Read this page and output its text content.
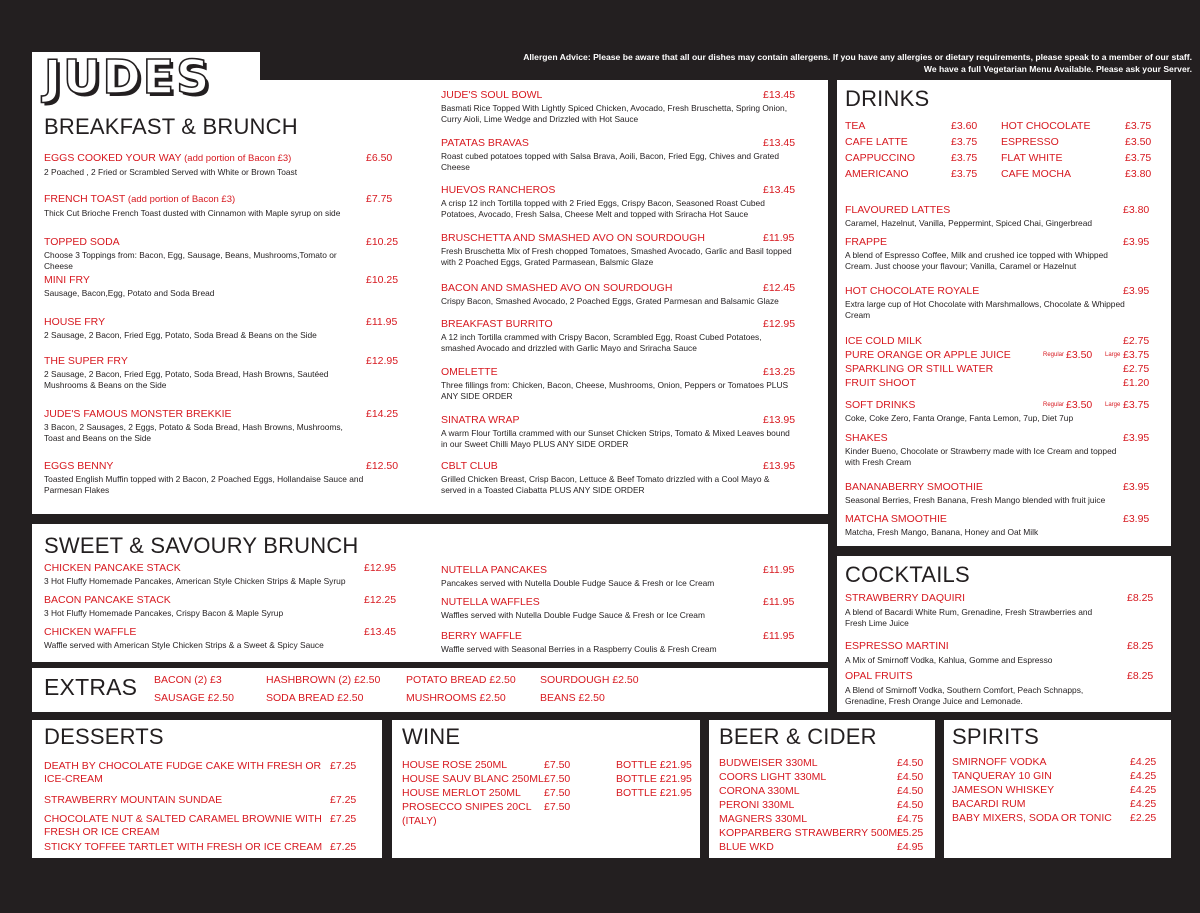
Allergen Advice: Please be aware that all our dishes may contain allergens. If you have any allergies or dietary requirements, please speak to a member of our staff.
We have a full Vegetarian Menu Available. Please ask your Server.
JUDES
BREAKFAST & BRUNCH
EGGS COOKED YOUR WAY (add portion of Bacon £3)	£6.50
2 Poached , 2 Fried or Scrambled Served with White or Brown Toast
FRENCH TOAST (add portion of Bacon £3)	£7.75
Thick Cut Brioche French Toast dusted with Cinnamon with Maple syrup on side
TOPPED SODA	£10.25
Choose 3 Toppings from: Bacon, Egg, Sausage, Beans, Mushrooms,Tomato or Cheese
MINI FRY	£10.25
Sausage, Bacon,Egg, Potato and Soda Bread
HOUSE FRY	£11.95
2 Sausage, 2 Bacon, Fried Egg, Potato, Soda Bread & Beans on the Side
THE SUPER FRY	£12.95
2 Sausage, 2 Bacon, Fried Egg, Potato, Soda Bread, Hash Browns, Sautéed Mushrooms & Beans on the Side
JUDE'S FAMOUS MONSTER BREKKIE	£14.25
3 Bacon, 2 Sausages, 2 Eggs, Potato & Soda Bread, Hash Browns, Mushrooms, Toast and Beans on the Side
EGGS BENNY	£12.50
Toasted English Muffin topped with 2 Bacon, 2 Poached Eggs, Hollandaise Sauce and Parmesan Flakes
JUDE'S SOUL BOWL	£13.45
Basmati Rice Topped With Lightly Spiced Chicken, Avocado, Fresh Bruschetta, Spring Onion, Curry Aioli, Lime Wedge and Drizzled with Hot Sauce
PATATAS BRAVAS	£13.45
Roast cubed potatoes topped with Salsa Brava, Aoili, Bacon, Fried Egg, Chives and Grated Cheese
HUEVOS RANCHEROS	£13.45
A crisp 12 inch Tortilla topped with 2 Fried Eggs, Crispy Bacon, Seasoned Roast Cubed Potatoes, Avocado, Fresh Salsa, Cheese Melt and topped with Sriracha Hot Sauce
BRUSCHETTA AND SMASHED AVO ON SOURDOUGH	£11.95
Fresh Bruschetta Mix of Fresh chopped Tomatoes, Smashed Avocado, Garlic and Basil topped with 2 Poached Eggs, Grated Parmasean, Balsmic Glaze
BACON AND SMASHED AVO ON SOURDOUGH	£12.45
Crispy Bacon, Smashed Avocado, 2 Poached Eggs, Grated Parmesan and Balsamic Glaze
BREAKFAST BURRITO	£12.95
A 12 inch Tortilla crammed with Crispy Bacon, Scrambled Egg, Roast Cubed Potatoes, smashed Avocado and drizzled with Garlic Mayo and Sriracha Sauce
OMELETTE	£13.25
Three fillings from: Chicken, Bacon, Cheese, Mushrooms, Onion, Peppers or Tomatoes PLUS ANY SIDE ORDER
SINATRA WRAP	£13.95
A warm Flour Tortilla crammed with our Sunset Chicken Strips, Tomato & Mixed Leaves bound in our Sweet Chilli Mayo PLUS ANY SIDE ORDER
CBLT CLUB	£13.95
Grilled Chicken Breast, Crisp Bacon, Lettuce & Beef Tomato drizzled with a Cool Mayo & served in a Toasted Ciabatta PLUS ANY SIDE ORDER
SWEET & SAVOURY BRUNCH
CHICKEN PANCAKE STACK	£12.95
3 Hot Fluffy Homemade Pancakes, American Style Chicken Strips & Maple Syrup
BACON PANCAKE STACK	£12.25
3 Hot Fluffy Homemade Pancakes, Crispy Bacon & Maple Syrup
CHICKEN WAFFLE	£13.45
Waffle served with American Style Chicken Strips & a Sweet & Spicy Sauce
NUTELLA PANCAKES	£11.95
Pancakes served with Nutella Double Fudge Sauce & Fresh or Ice Cream
NUTELLA WAFFLES	£11.95
Waffles served with Nutella Double Fudge Sauce & Fresh or Ice Cream
BERRY WAFFLE	£11.95
Waffle served with Seasonal Berries in a Raspberry Coulis & Fresh Cream
EXTRAS BACON (2) £3	HASHBROWN (2) £2.50 POTATO BREAD £2.50 SOURDOUGH £2.50
SAUSAGE £2.50	SODA BREAD £2.50	MUSHROOMS £2.50	BEANS £2.50
DRINKS
TEA	£3.60 HOT CHOCOLATE	£3.75
CAFE LATTE	£3.75 ESPRESSO	£3.50
CAPPUCCINO	£3.75 FLAT WHITE	£3.75
AMERICANO	£3.75 CAFE MOCHA	£3.80
FLAVOURED LATTES	£3.80
Caramel, Hazelnut, Vanilla, Peppermint, Spiced Chai, Gingerbread
FRAPPE	£3.95
A blend of Espresso Coffee, Milk and crushed ice topped with Whipped Cream. Just choose your flavour; Vanilla, Caramel or Hazelnut
HOT CHOCOLATE ROYALE	£3.95
Extra large cup of Hot Chocolate with Marshmallows, Chocolate & Whipped Cream
ICE COLD MILK	£2.75
PURE ORANGE OR APPLE JUICE	Regular £3.50 Large £3.75
SPARKLING OR STILL WATER	£2.75
FRUIT SHOOT	£1.20
SOFT DRINKS	Regular £3.50 Large £3.75
Coke, Coke Zero, Fanta Orange, Fanta Lemon, 7up, Diet 7up
SHAKES	£3.95
Kinder Bueno, Chocolate or Strawberry made with Ice Cream and topped with Fresh Cream
BANANABERRY SMOOTHIE	£3.95
Seasonal Berries, Fresh Banana, Fresh Mango blended with fruit juice
MATCHA SMOOTHIE	£3.95
Matcha, Fresh Mango, Banana, Honey and Oat Milk
COCKTAILS
STRAWBERRY DAQUIRI	£8.25
A blend of Bacardi White Rum, Grenadine, Fresh Strawberries and Fresh Lime Juice
ESPRESSO MARTINI	£8.25
A Mix of Smirnoff Vodka, Kahlua, Gomme and Espresso
OPAL FRUITS	£8.25
A Blend of Smirnoff Vodka, Southern Comfort, Peach Schnapps, Grenadine, Fresh Orange Juice and Lemonade.
DESSERTS
DEATH BY CHOCOLATE FUDGE CAKE WITH FRESH OR ICE-CREAM
£7.25
STRAWBERRY MOUNTAIN SUNDAE	£7.25
CHOCOLATE NUT & SALTED CARAMEL BROWNIE WITH FRESH OR ICE CREAM
£7.25
STICKY TOFFEE TARTLET WITH FRESH OR ICE CREAM £7.25
WINE
HOUSE ROSE 250ML	£7.50	BOTTLE £21.95
HOUSE SAUV BLANC 250ML £7.50	BOTTLE £21.95
HOUSE MERLOT 250ML £7.50	BOTTLE £21.95
PROSECCO SNIPES 20CL £7.50
(ITALY)
BEER & CIDER
BUDWEISER 330ML	£4.50
COORS LIGHT 330ML	£4.50
CORONA 330ML	£4.50
PERONI 330ML	£4.50
MAGNERS 330ML	£4.75
KOPPARBERG STRAWBERRY 500ML
£5.25
BLUE WKD	£4.95
SPIRITS
SMIRNOFF VODKA	£4.25
TANQUERAY 10 GIN	£4.25
JAMESON WHISKEY	£4.25
BACARDI RUM	£4.25
BABY MIXERS, SODA OR TONIC £2.25
